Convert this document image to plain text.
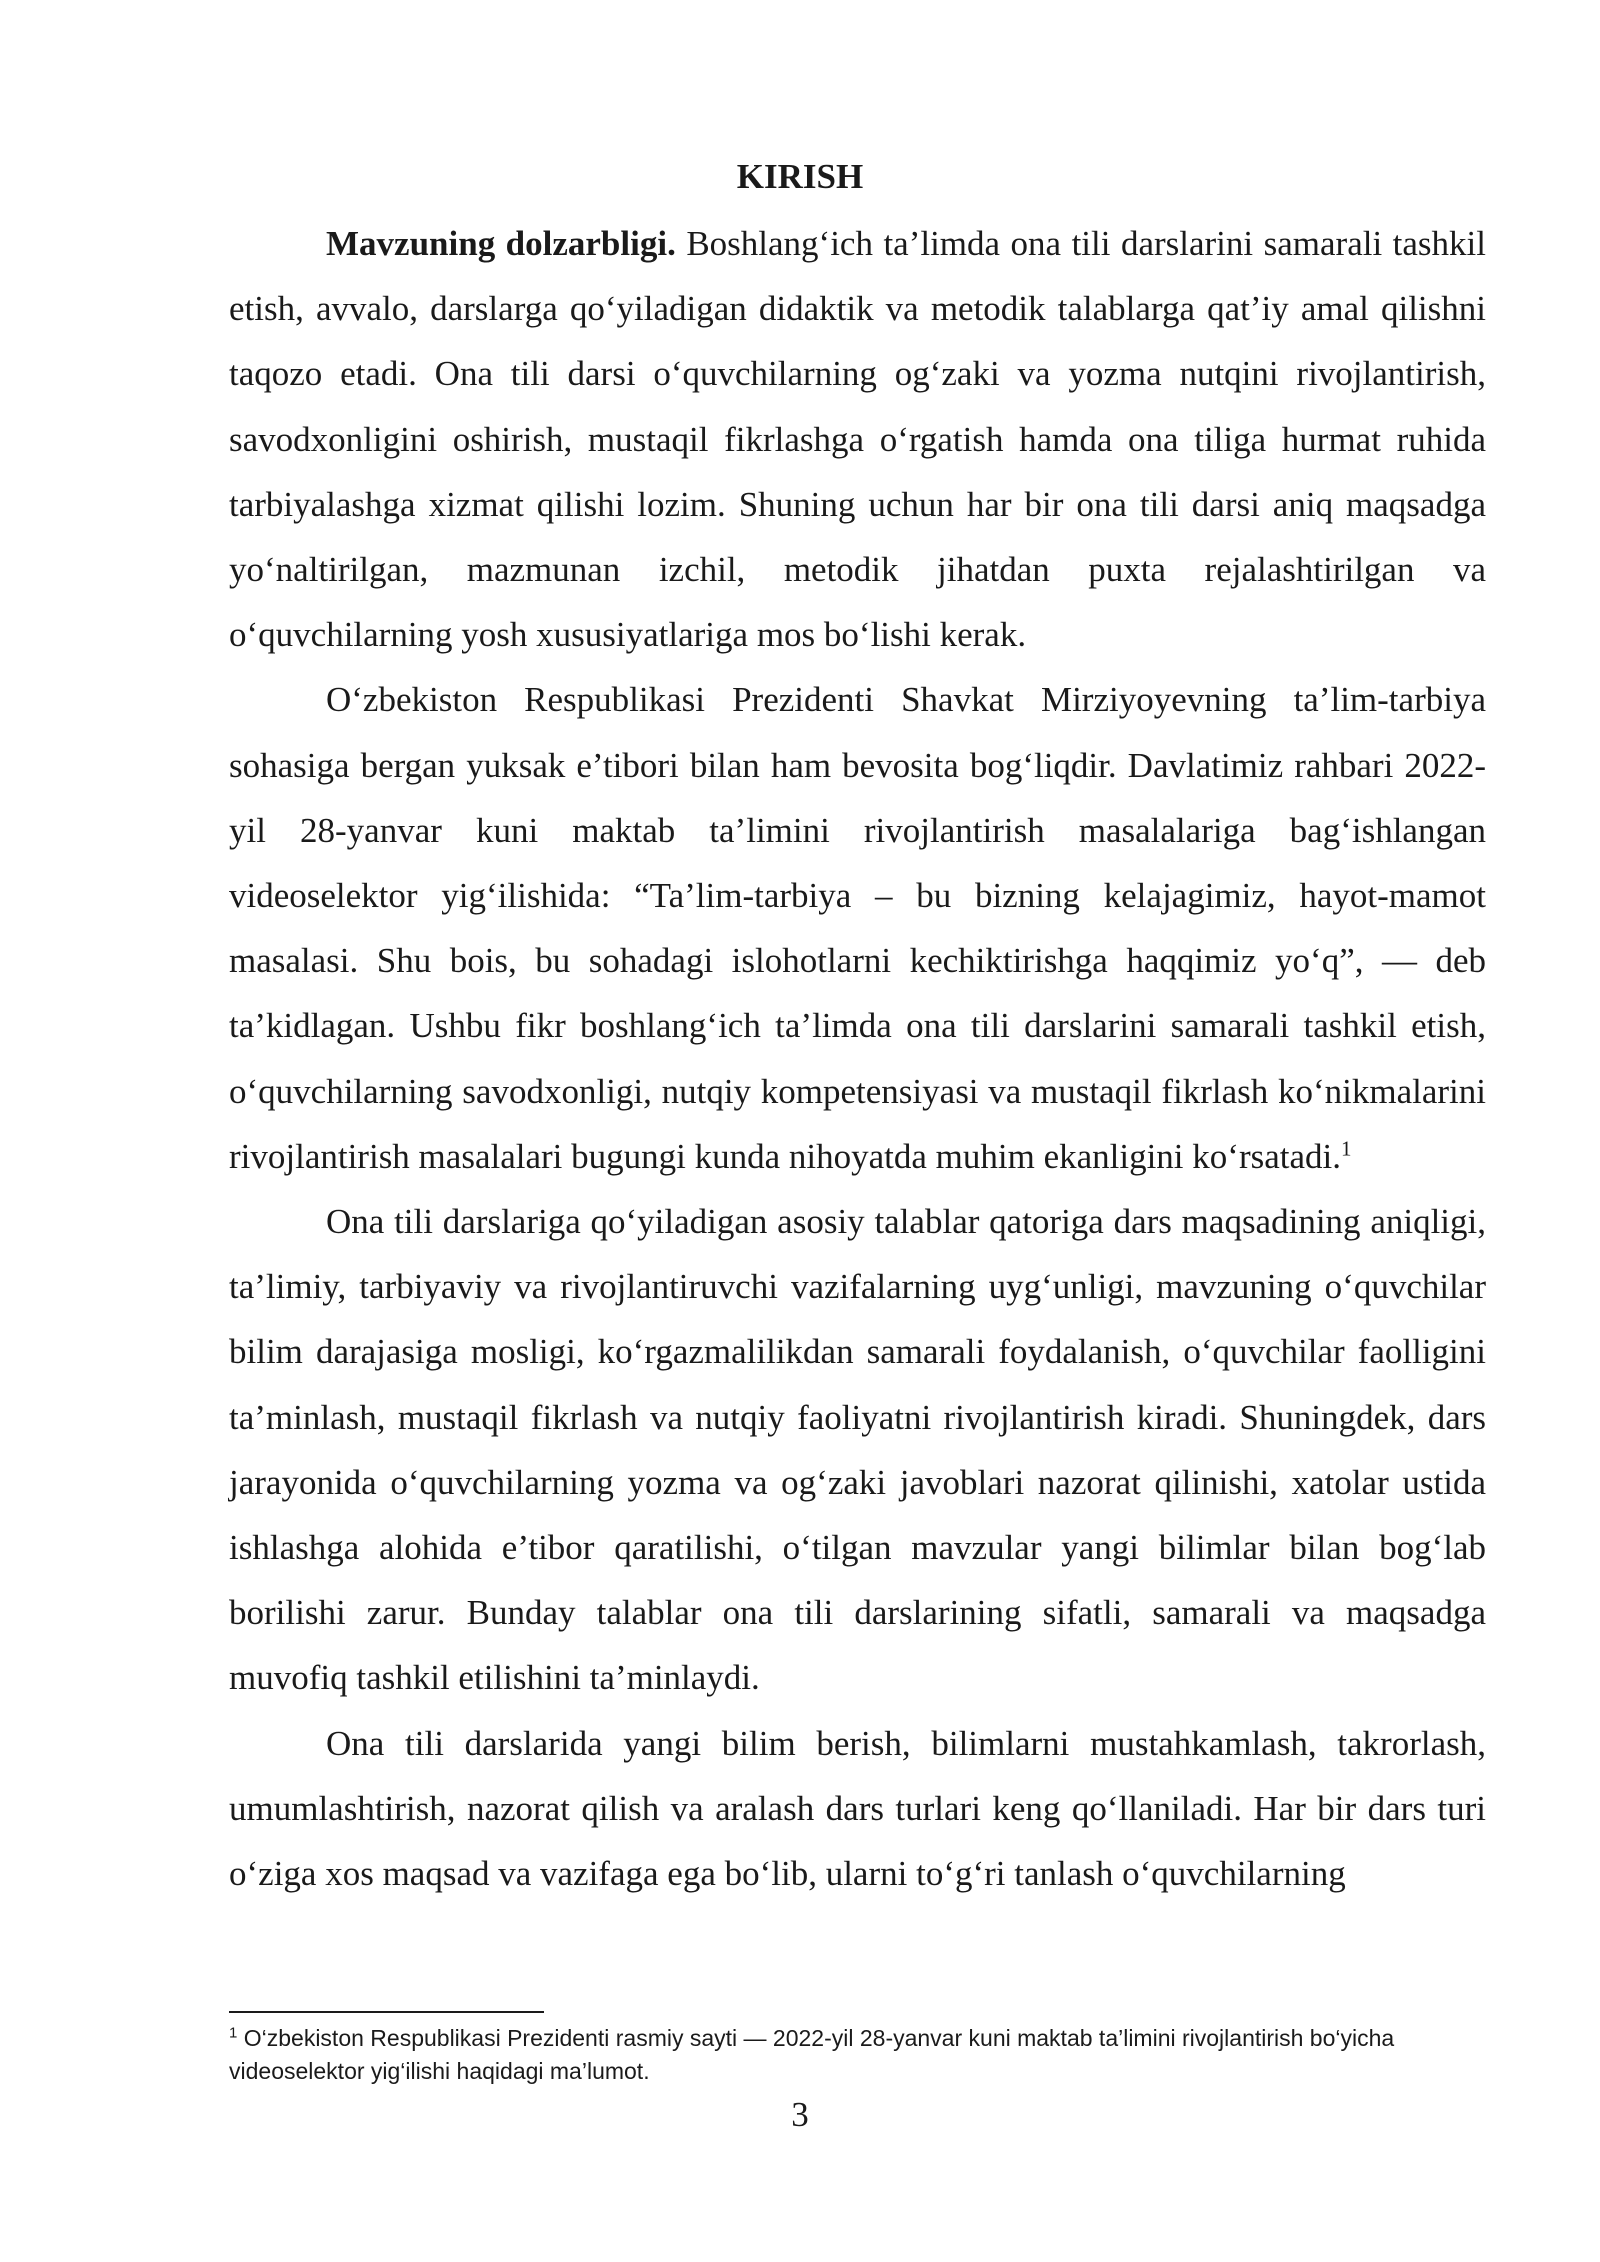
KIRISH

Mavzuning dolzarbligi. Boshlang‘ich ta’limda ona tili darslarini samarali tashkil etish, avvalo, darslarga qo‘yiladigan didaktik va metodik talablarga qat’iy amal qilishni taqozo etadi. Ona tili darsi o‘quvchilarning og‘zaki va yozma nutqini rivojlantirish, savodxonligini oshirish, mustaqil fikrlashga o‘rgatish hamda ona tiliga hurmat ruhida tarbiyalashga xizmat qilishi lozim. Shuning uchun har bir ona tili darsi aniq maqsadga yo‘naltirilgan, mazmunan izchil, metodik jihatdan puxta rejalashtirilgan va o‘quvchilarning yosh xususiyatlariga mos bo‘lishi kerak.

O‘zbekiston Respublikasi Prezidenti Shavkat Mirziyoyevning ta’lim-tarbiya sohasiga bergan yuksak e’tibori bilan ham bevosita bog‘liqdir. Davlatimiz rahbari 2022-yil 28-yanvar kuni maktab ta’limini rivojlantirish masalalariga bag‘ishlangan videoselektor yig‘ilishida: “Ta’lim-tarbiya – bu bizning kelajagimiz, hayot-mamot masalasi. Shu bois, bu sohadagi islohotlarni kechiktirishga haqqimiz yo‘q”, — deb ta’kidlagan. Ushbu fikr boshlang‘ich ta’limda ona tili darslarini samarali tashkil etish, o‘quvchilarning savodxonligi, nutqiy kompetensiyasi va mustaqil fikrlash ko‘nikmalarini rivojlantirish masalalari bugungi kunda nihoyatda muhim ekanligini ko‘rsatadi.$^1$

Ona tili darslariga qo‘yiladigan asosiy talablar qatoriga dars maqsadining aniqligi, ta’limiy, tarbiyaviy va rivojlantiruvchi vazifalarning uyg‘unligi, mavzuning o‘quvchilar bilim darajasiga mosligi, ko‘rgazmalilikdan samarali foydalanish, o‘quvchilar faolligini ta’minlash, mustaqil fikrlash va nutqiy faoliyatni rivojlantirish kiradi. Shuningdek, dars jarayonida o‘quvchilarning yozma va og‘zaki javoblari nazorat qilinishi, xatolar ustida ishlashga alohida e’tibor qaratilishi, o‘tilgan mavzular yangi bilimlar bilan bog‘lab borilishi zarur. Bunday talablar ona tili darslarining sifatli, samarali va maqsadga muvofiq tashkil etilishini ta’minlaydi.

Ona tili darslarida yangi bilim berish, bilimlarni mustahkamlash, takrorlash, umumlashtirish, nazorat qilish va aralash dars turlari keng qo‘llaniladi. Har bir dars turi o‘ziga xos maqsad va vazifaga ega bo‘lib, ularni to‘g‘ri tanlash o‘quvchilarning

$^1$ O‘zbekiston Respublikasi Prezidenti rasmiy sayti — 2022-yil 28-yanvar kuni maktab ta’limini rivojlantirish bo‘yicha videoselektor yig‘ilishi haqidagi ma’lumot.

3
